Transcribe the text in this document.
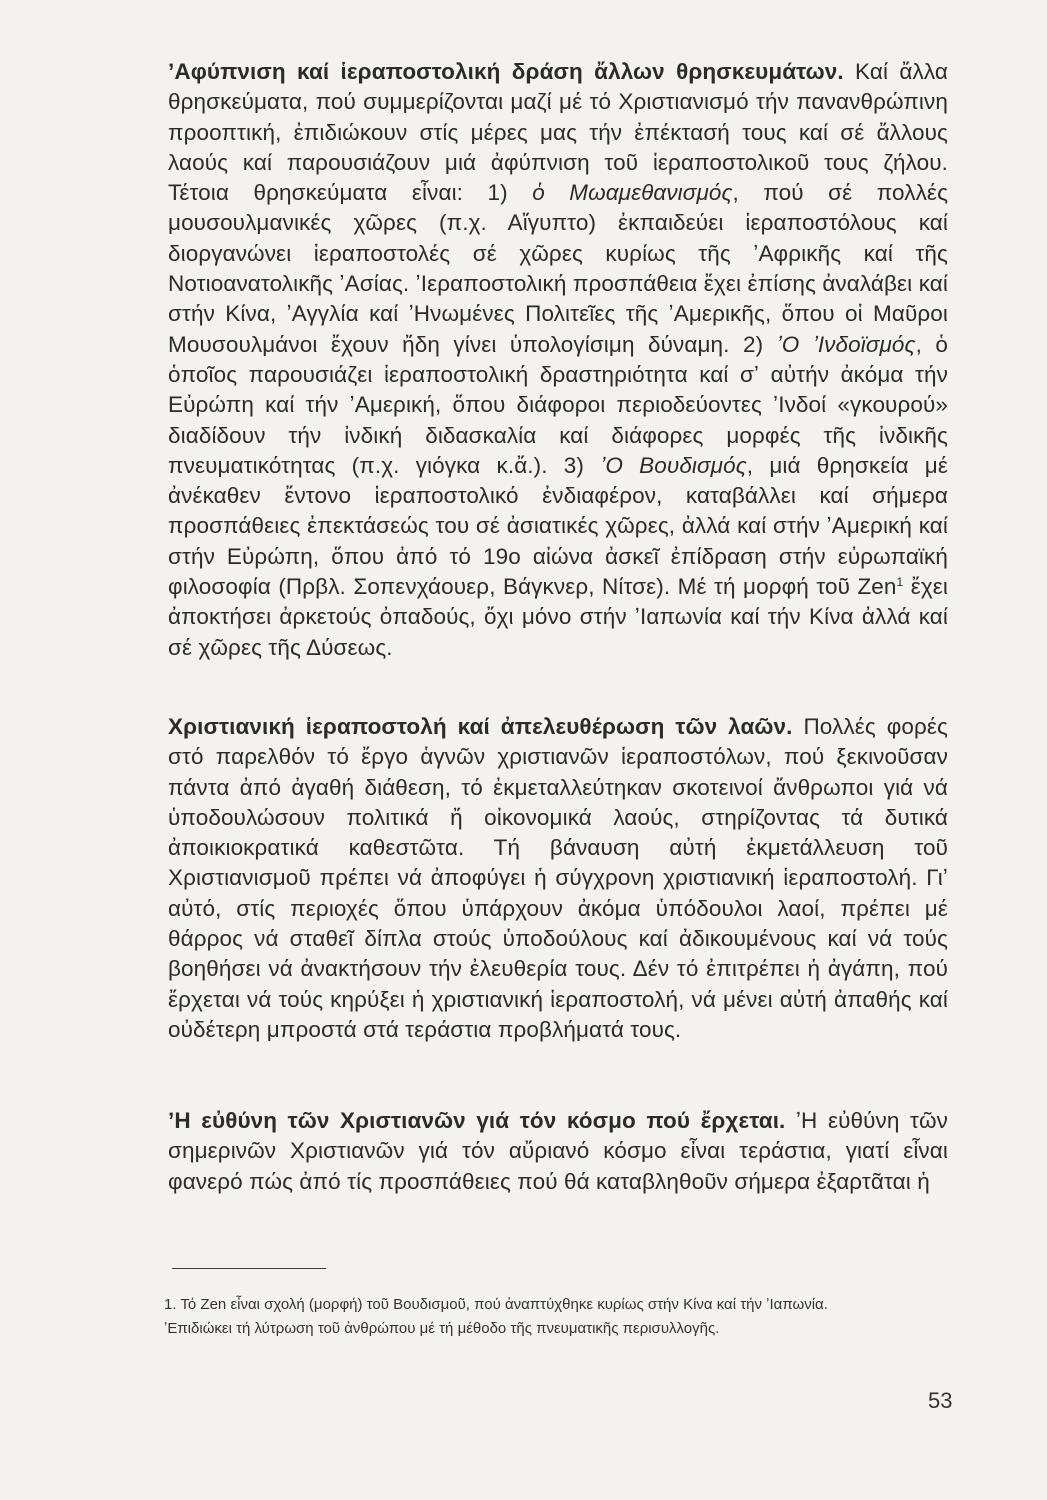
ʼΑφύπνιση καί ἱεραποστολική δράση ἄλλων θρησκευμάτων. Καί ἄλλα θρησκεύματα, πού συμμερίζονται μαζί μέ τό Χριστιανισμό τήν πανανθρώπινη προοπτική, ἐπιδιώκουν στίς μέρες μας τήν ἐπέκτασή τους καί σέ ἄλλους λαούς καί παρουσιάζουν μιά ἀφύπνιση τοῦ ἱεραποστολικοῦ τους ζήλου. Τέτοια θρησκεύματα εἶναι: 1) ὁ Μωαμεθανισμός, πού σέ πολλές μουσουλμανικές χῶρες (π.χ. Αἴγυπτο) ἐκπαιδεύει ἱεραποστόλους καί διοργανώνει ἱεραποστολές σέ χῶρες κυρίως τῆς ʼΑφρικῆς καί τῆς Νοτιοανατολικῆς ʼΑσίας. ʼΙεραποστολική προσπάθεια ἔχει ἐπίσης ἀναλάβει καί στήν Κίνα, ʼΑγγλία καί ʼΗνωμένες Πολιτεῖες τῆς ʼΑμερικῆς, ὅπου οἱ Μαῦροι Μουσουλμάνοι ἔχουν ἤδη γίνει ὑπολογίσιμη δύναμη. 2) ʼΟ ʼΙνδοϊσμός, ὁ ὁποῖος παρουσιάζει ἱεραποστολική δραστηριότητα καί σʼ αὐτήν ἀκόμα τήν Εὐρώπη καί τήν ʼΑμερική, ὅπου διάφοροι περιοδεύοντες ʼΙνδοί «γκουρού» διαδίδουν τήν ἰνδική διδασκαλία καί διάφορες μορφές τῆς ἰνδικῆς πνευματικότητας (π.χ. γιόγκα κ.ἄ.). 3) ʼΟ Βουδισμός, μιά θρησκεία μέ ἀνέκαθεν ἔντονο ἱεραποστολικό ἐνδιαφέρον, καταβάλλει καί σήμερα προσπάθειες ἐπεκτάσεώς του σέ ἀσιατικές χῶρες, ἀλλά καί στήν ʼΑμερική καί στήν Εὐρώπη, ὅπου ἀπό τό 19ο αἰώνα ἀσκεῖ ἐπίδραση στήν εὐρωπαϊκή φιλοσοφία (Πρβλ. Σοπενχάουερ, Βάγκνερ, Νίτσε). Μέ τή μορφή τοῦ Zen$^1$ ἔχει ἀποκτήσει ἀρκετούς ὀπαδούς, ὄχι μόνο στήν ʼΙαπωνία καί τήν Κίνα ἀλλά καί σέ χῶρες τῆς Δύσεως.
Χριστιανική ἱεραποστολή καί ἀπελευθέρωση τῶν λαῶν. Πολλές φορές στό παρελθόν τό ἔργο ἁγνῶν χριστιανῶν ἱεραποστόλων, πού ξεκινοῦσαν πάντα ἀπό ἀγαθή διάθεση, τό ἐκμεταλλεύτηκαν σκοτεινοί ἄνθρωποι γιά νά ὑποδουλώσουν πολιτικά ἤ οἰκονομικά λαούς, στηρίζοντας τά δυτικά ἀποικιοκρατικά καθεστῶτα. Τή βάναυση αὐτή ἐκμετάλλευση τοῦ Χριστιανισμοῦ πρέπει νά ἀποφύγει ἡ σύγχρονη χριστιανική ἱεραποστολή. Γιʼ αὐτό, στίς περιοχές ὅπου ὑπάρχουν ἀκόμα ὑπόδουλοι λαοί, πρέπει μέ θάρρος νά σταθεῖ δίπλα στούς ὑποδούλους καί ἀδικουμένους καί νά τούς βοηθήσει νά ἀνακτήσουν τήν ἐλευθερία τους. Δέν τό ἐπιτρέπει ἡ ἀγάπη, πού ἔρχεται νά τούς κηρύξει ἡ χριστιανική ἱεραποστολή, νά μένει αὐτή ἀπαθής καί οὐδέτερη μπροστά στά τεράστια προβλήματά τους.
ʼΗ εὐθύνη τῶν Χριστιανῶν γιά τόν κόσμο πού ἔρχεται. ʼΗ εὐθύνη τῶν σημερινῶν Χριστιανῶν γιά τόν αὔριανό κόσμο εἶναι τεράστια, γιατί εἶναι φανερό πώς ἀπό τίς προσπάθειες πού θά καταβληθοῦν σήμερα ἐξαρτᾶται ἡ

1. Τό Zen εἶναι σχολή (μορφή) τοῦ Βουδισμοῦ, πού ἀναπτύχθηκε κυρίως στήν Κίνα καί τήν ʼΙαπωνία.

ʼΕπιδιώκει τή λύτρωση τοῦ ἀνθρώπου μέ τή μέθοδο τῆς πνευματικῆς περισυλλογῆς.

53
